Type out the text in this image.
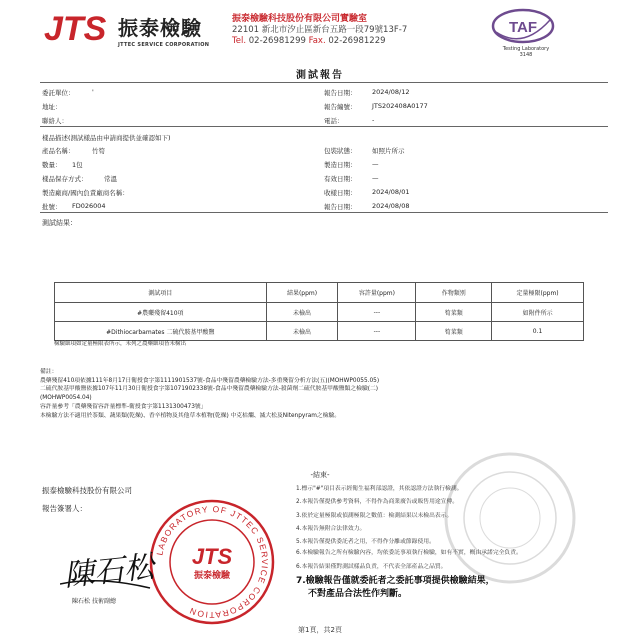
JTS 振泰檢驗
JTTEC SERVICE CORPORATION
振泰檢驗科技股份有限公司實驗室
22101 新北市汐止區新台五路一段79號13F-7
Tel. 02-26981299 Fax. 02-26981229
TAF
Testing Laboratory
3148
測試報告
委託單位：	'
地址：
聯絡人：
報告日期： 2024/08/12
報告編號： JTS202408A0177
電話：	-
樣品描述(測試樣品由申請商提供並確認如下)
產品名稱：	竹筍
數量： 1包
樣品保存方式：	常溫
製造廠商/國內負責廠商名稱：
批號： FD026004
包裝狀態： 如照片所示
製造日期： —
有效日期： —
收樣日期： 2024/08/01
報告日期： 2024/08/08
測試結果：
測試項目	結果(ppm)	容許量(ppm)	作物類別	定量極限(ppm)
#農藥殘留410項	未檢出	---	筍菜類	如附件所示
#Dithiocarbamates 二硫代胺基甲酸鹽	未檢出	---	筍菜類	0.1
檢驗細項如定量極限表所示，未列之農藥細項皆未檢出
備註：
農藥殘留410項依據111年8月17日衛授食字第1111901537號-食品中殘留農藥檢驗方法-多重殘留分析方法(五)(MOHWP0055.05)
二硫代胺基甲酸鹽依據107年11月30日衛授食字第1071902338號-食品中殘留農藥檢驗方法-殺菌劑二硫代胺基甲酸鹽類之檢驗(二)
(MOHWP0054.04)
容許量參考「農藥殘留容許量標準-衛授食字第1131300473號」
本檢驗方法不適用於茶類、蔬果類(乾燥)、香辛植物及其他草本植物(乾燥) 中克枯爛、滅大松及Nitenpyram之檢驗。
-結束-
振泰檢驗科技股份有限公司
報告簽署人：
LABORATORY OF JTTEC SERVICE CORPORATION
JTS
振泰檢驗
陳石松
陳石松 技術副總
1.標示"#"項目表示經衛生福利部認證，其依認證方法執行檢測。
2.本報告僅提供參考資料，不得作為商業廣告或販售用途宣傳。
3.依於定量極限或偵測極限之數值：檢測結果以未檢出表示。
4.本報告無附合法律效力。
5.本報告僅提供委託者之用，不得作分離或節錄使用。
6.本檢驗報告之所有檢驗內容，均依委託事項執行檢驗，如有不實，概由承諾完全負責。
6.本報告結果僅對測試樣品負責，不代表全部產品之品質。
7.檢驗報告僅就委託者之委託事項提供檢驗結果，
不對產品合法性作判斷。
第1頁，共2頁
